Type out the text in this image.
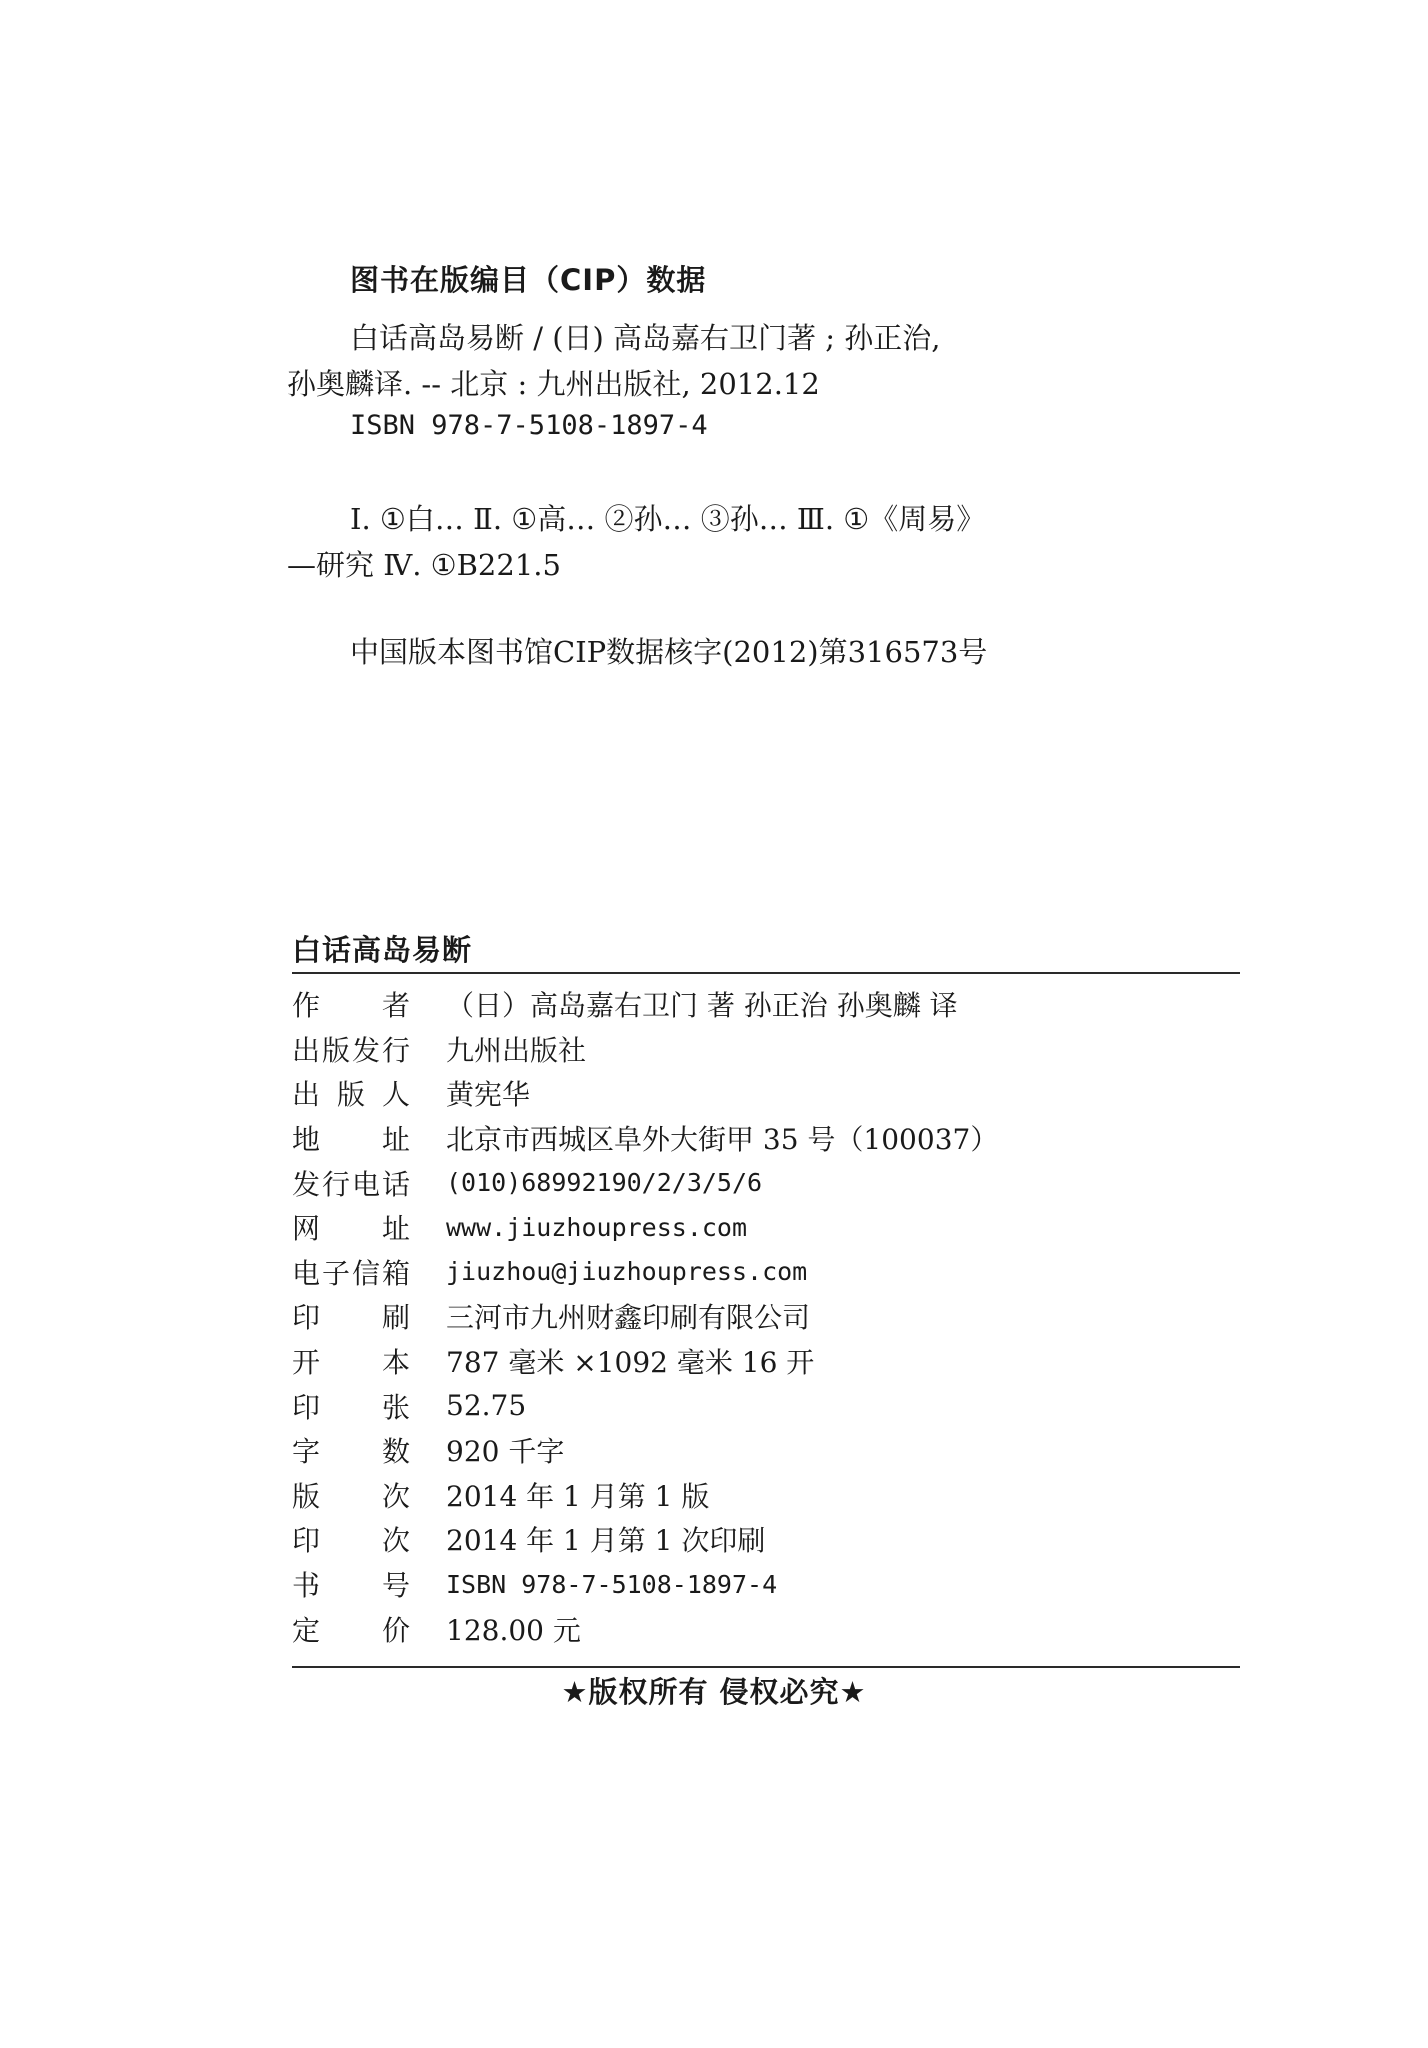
图书在版编目（CIP）数据
白话高岛易断 / (日) 高岛嘉右卫门著 ; 孙正治,
孙奥麟译. -- 北京 : 九州出版社, 2012.12
ISBN 978-7-5108-1897-4
Ⅰ. ①白… Ⅱ. ①高… ②孙… ③孙… Ⅲ. ①《周易》
—研究 Ⅳ. ①B221.5
中国版本图书馆CIP数据核字(2012)第316573号
白话高岛易断
作 者 （日）高岛嘉右卫门 著 孙正治 孙奥麟 译
出 版 发 行 九州出版社
出 版 人 黄宪华
地 址 北京市西城区阜外大街甲 35 号（100037）
发 行 电 话 (010)68992190/2/3/5/6
网 址 www.jiuzhoupress.com
电 子 信 箱 jiuzhou@jiuzhoupress.com
印 刷 三河市九州财鑫印刷有限公司
开 本 787 毫米 ×1092 毫米 16 开
印 张 52.75
字 数 920 千字
版 次 2014 年 1 月第 1 版
印 次 2014 年 1 月第 1 次印刷
书 号 ISBN 978-7-5108-1897-4
定 价 128.00 元
★版权所有 侵权必究★
